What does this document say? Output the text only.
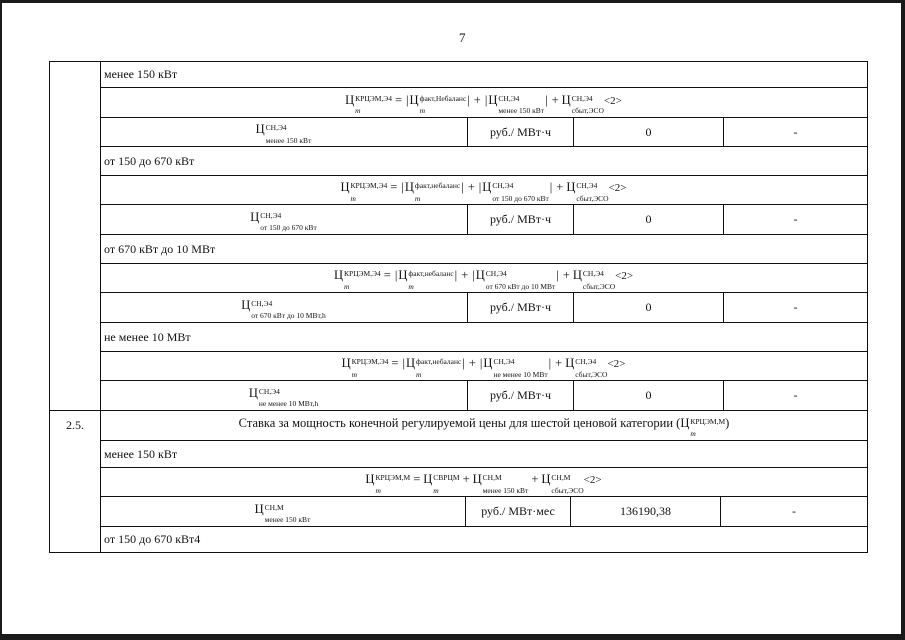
7
менее 150 кВт
Ц КРЦЭМ,Э4
m
= | Ц факт,Небаланс
m
| + | Ц СН,Э4
менее 150 кВт
| + Ц СН,Э4
сбыт,ЭСО
<2>
Ц СН,Э4
менее 150 кВт
руб./ МВт·ч	0	-
от 150 до 670 кВт
Ц КРЦЭМ,Э4
m
= | Ц факт,небаланс
m
| + | Ц СН,Э4
от 150 до 670 кВт
| + Ц СН,Э4
сбыт,ЭСО
<2>
Ц СН,Э4
от 150 до 670 кВт
руб./ МВт·ч	0	-
от 670 кВт до 10 МВт
Ц КРЦЭМ,Э4
m
= | Ц факт,небаланс
m
| + | Ц СН,Э4
от 670 кВт до 10 МВт
| + Ц СН,Э4
сбыт,ЭСО
<2>
Ц СН,Э4
от 670 кВт до 10 МВт,h
руб./ МВт·ч	0	-
не менее 10 МВт
Ц КРЦЭМ,Э4
m
= | Ц факт,небаланс
m
| + | Ц СН,Э4
не менее 10 МВт
| + Ц СН,Э4
сбыт,ЭСО
<2>
Ц СН,Э4
не менее 10 МВт,h
руб./ МВт·ч	0	-
2.5.	Ставка за мощность конечной регулируемой цены для шестой ценовой категории ( Ц КРЦЭМ,М
m
)
менее 150 кВт
Ц КРЦЭМ,М
m
= Ц СВРЦМ
m
+ Ц СН,М
менее 150 кВт
+ Ц СН,М
сбыт,ЭСО
<2>
Ц СН,М
менее 150 кВт
руб./ МВт·мес	136190,38	-
от 150 до 670 кВт4
